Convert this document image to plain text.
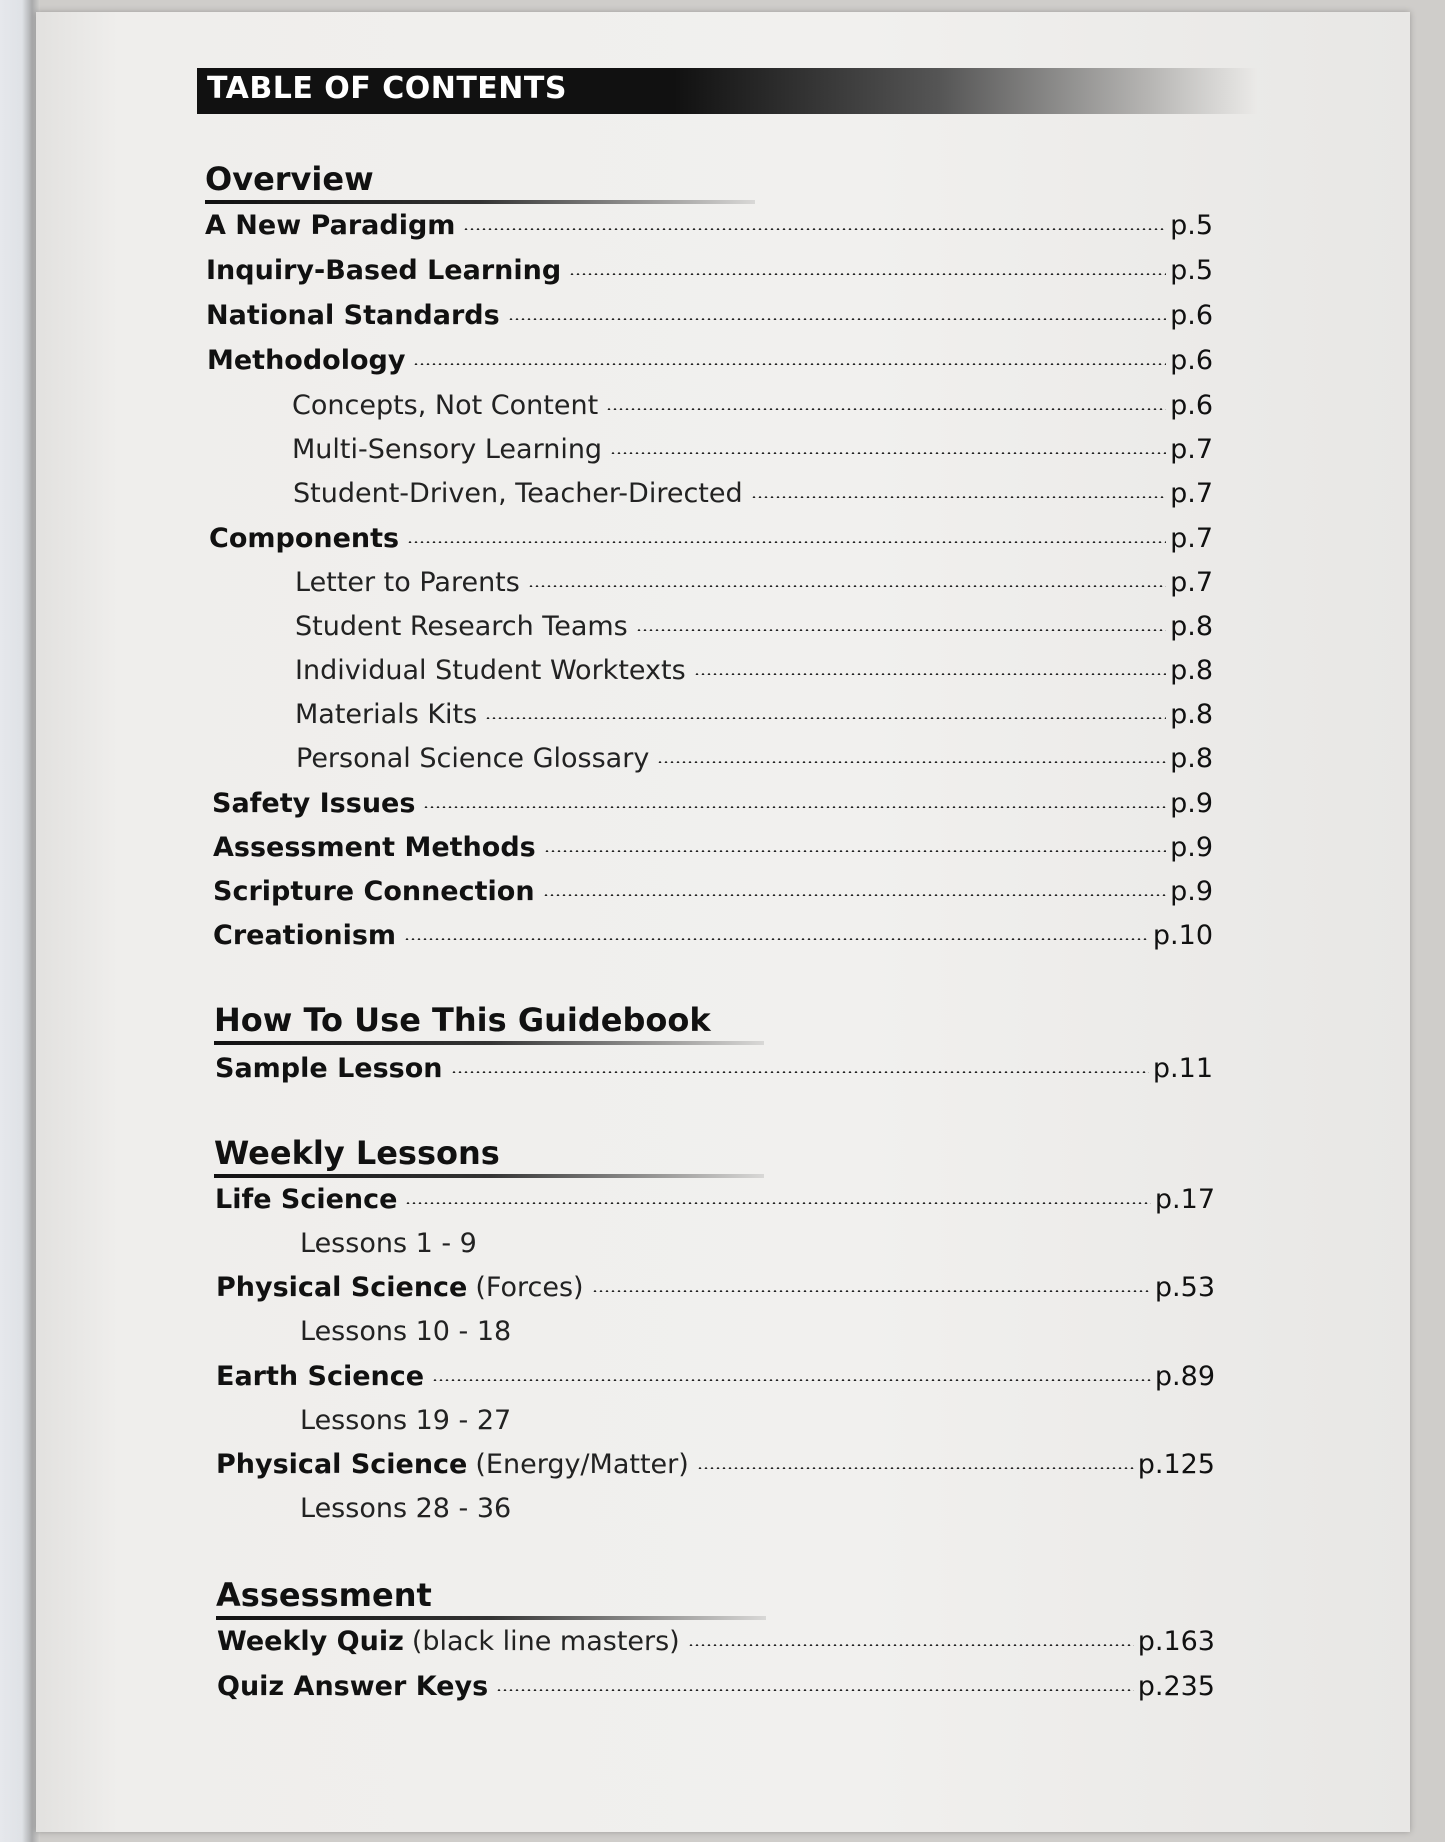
TABLE OF CONTENTS
Overview
A New Paradigm	p.5
Inquiry-Based Learning	p.5
National Standards	p.6
Methodology	p.6
Concepts, Not Content	p.6
Multi-Sensory Learning	p.7
Student-Driven, Teacher-Directed	p.7
Components	p.7
Letter to Parents	p.7
Student Research Teams	p.8
Individual Student Worktexts	p.8
Materials Kits	p.8
Personal Science Glossary	p.8
Safety Issues	p.9
Assessment Methods	p.9
Scripture Connection	p.9
Creationism	p.10
How To Use This Guidebook
Sample Lesson	p.11
Weekly Lessons
Life Science	p.17
Lessons 1 - 9
Physical Science (Forces)	p.53
Lessons 10 - 18
Earth Science	p.89
Lessons 19 - 27
Physical Science (Energy/Matter)	p.125
Lessons 28 - 36
Assessment
Weekly Quiz (black line masters)	p.163
Quiz Answer Keys	p.235
